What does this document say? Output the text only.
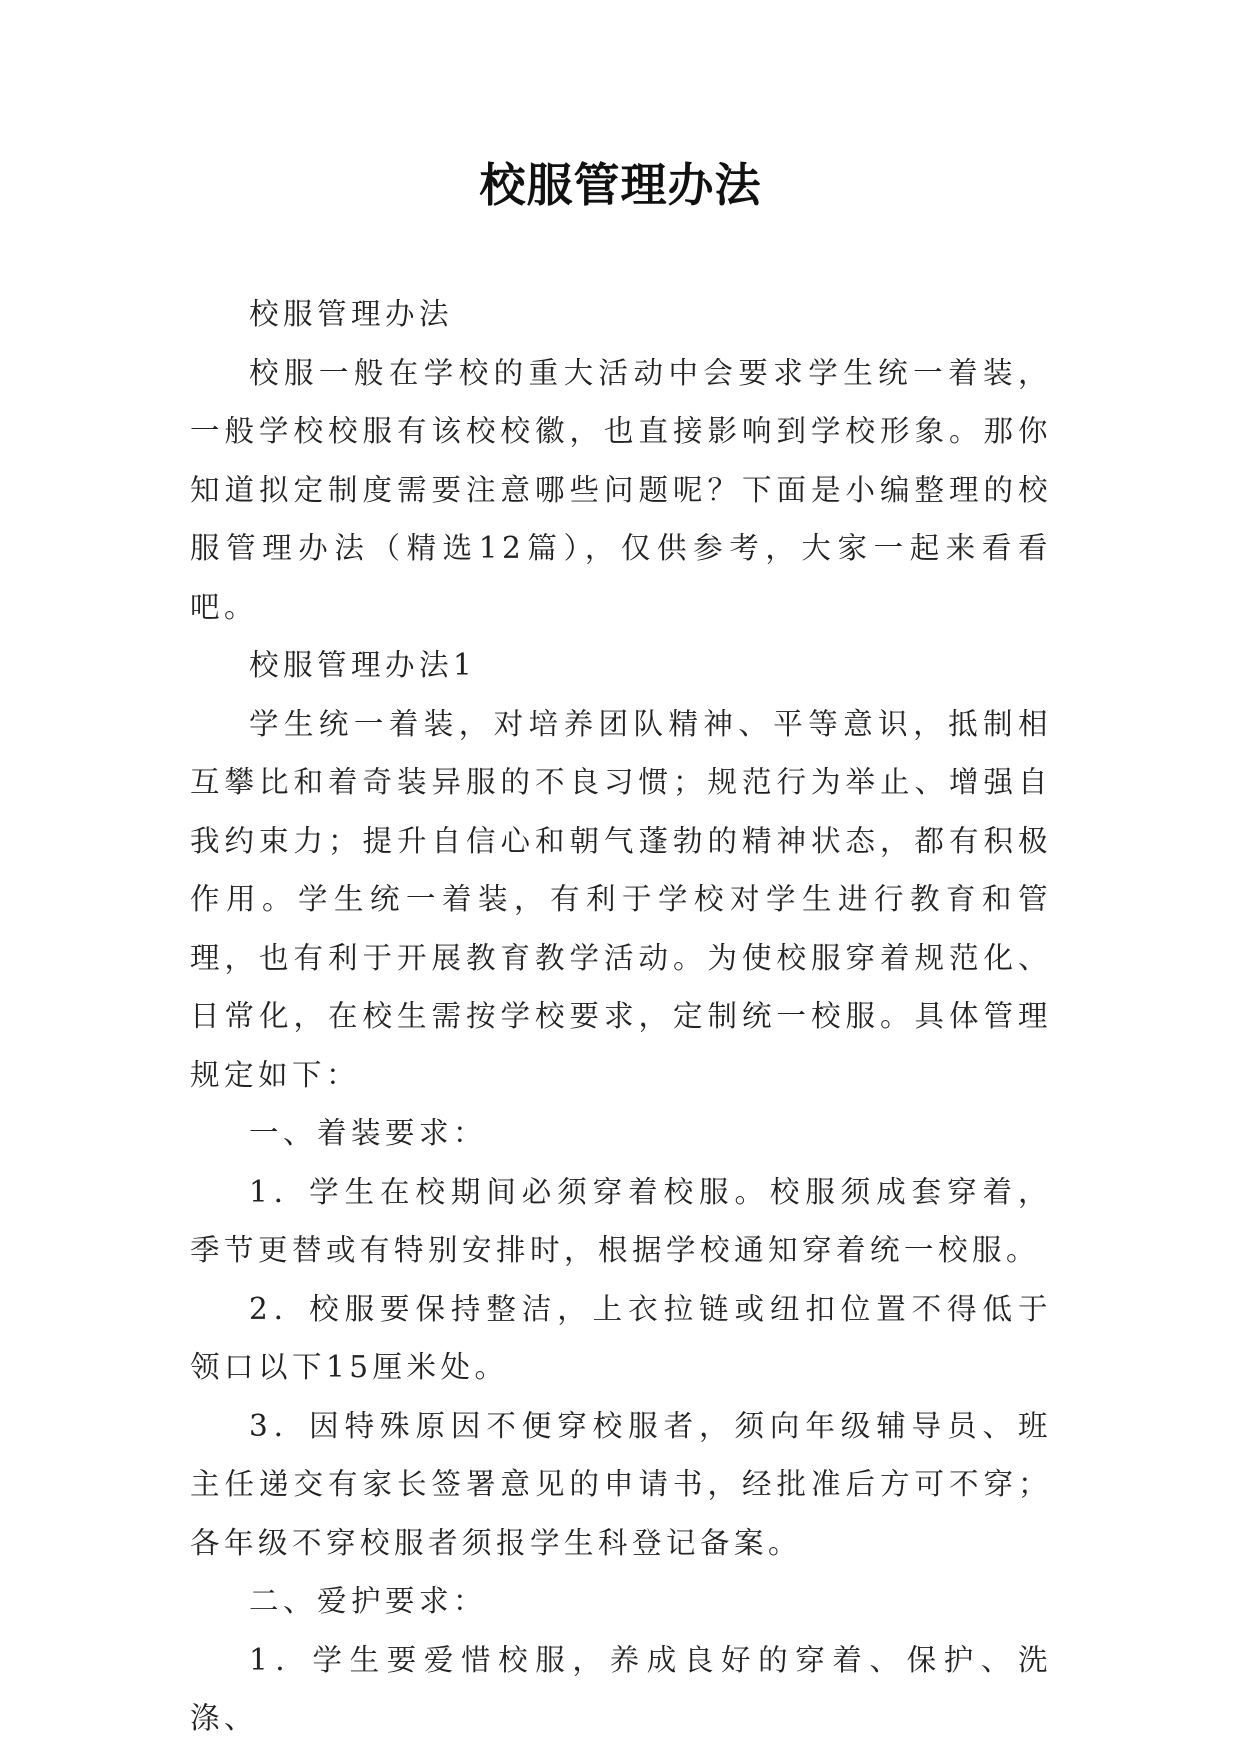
校服管理办法

校服管理办法

校服一般在学校的重大活动中会要求学生统一着装，一般学校校服有该校校徽，也直接影响到学校形象。那你知道拟定制度需要注意哪些问题呢？下面是小编整理的校服管理办法（精选12篇），仅供参考，大家一起来看看吧。

校服管理办法1

学生统一着装，对培养团队精神、平等意识，抵制相互攀比和着奇装异服的不良习惯；规范行为举止、增强自我约束力；提升自信心和朝气蓬勃的精神状态，都有积极作用。学生统一着装，有利于学校对学生进行教育和管理，也有利于开展教育教学活动。为使校服穿着规范化、日常化，在校生需按学校要求，定制统一校服。具体管理规定如下：

一、着装要求：

1．学生在校期间必须穿着校服。校服须成套穿着，季节更替或有特别安排时，根据学校通知穿着统一校服。

2．校服要保持整洁，上衣拉链或纽扣位置不得低于领口以下15厘米处。

3．因特殊原因不便穿校服者，须向年级辅导员、班主任递交有家长签署意见的申请书，经批准后方可不穿；各年级不穿校服者须报学生科登记备案。

二、爱护要求：

1．学生要爱惜校服，养成良好的穿着、保护、洗涤、
